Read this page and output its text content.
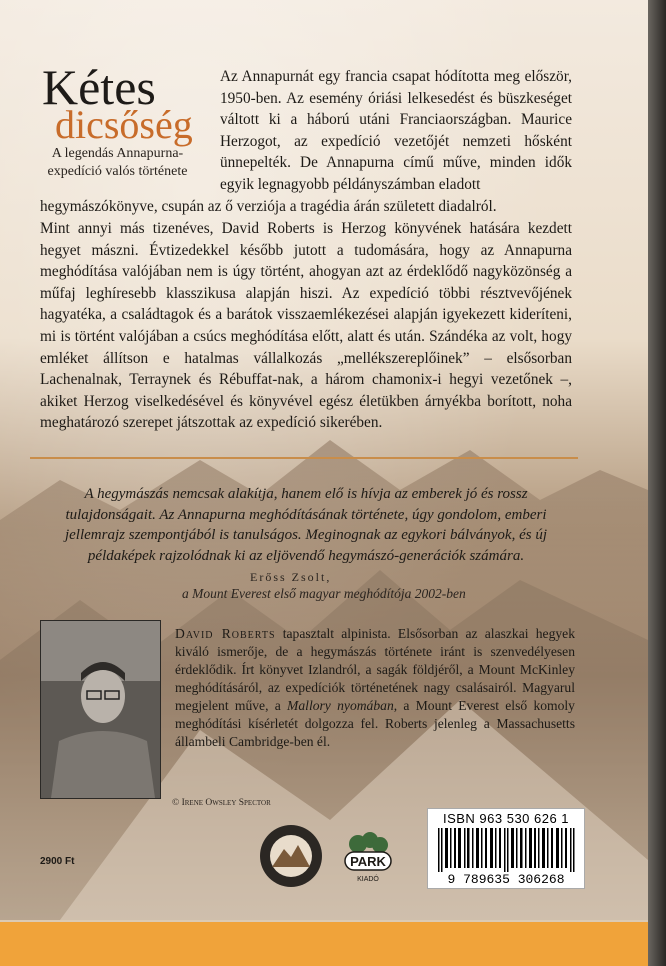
Kétes
dicsőség
A legendás Annapurna-expedíció valós története

Az Annapurnát egy francia csapat hódította meg először, 1950-ben. Az esemény óriási lelkesedést és büszkeséget váltott ki a háború utáni Franciaországban. Maurice Herzogot, az expedíció vezetőjét nemzeti hősként ünnepelték. De Annapurna című műve, minden idők egyik legnagyobb példányszámban eladott

hegymászókönyve, csupán az ő verziója a tragédia árán született diadalról.

Mint annyi más tizenéves, David Roberts is Herzog könyvének hatására kezdett hegyet mászni. Évtizedekkel később jutott a tudomására, hogy az Annapurna meghódítása valójában nem is úgy történt, ahogyan azt az érdeklődő nagyközönség a műfaj leghíresebb klasszikusa alapján hiszi. Az expedíció többi résztvevőjének hagyatéka, a családtagok és a barátok visszaemlékezései alapján igyekezett kideríteni, mi is történt valójában a csúcs meghódítása előtt, alatt és után. Szándéka az volt, hogy emléket állítson e hatalmas vállalkozás „mellékszereplőinek” – elsősorban Lachenalnak, Terraynek és Rébuffat-nak, a három chamonix-i hegyi vezetőnek –, akiket Herzog viselkedésével és könyvével egész életükben árnyékba borított, noha meghatározó szerepet játszottak az expedíció sikerében.

A hegymászás nemcsak alakítja, hanem elő is hívja az emberek jó és rossz tulajdonságait. Az Annapurna meghódításának története, úgy gondolom, emberi jellemrajz szempontjából is tanulságos. Meginognak az egykori bálványok, és új példaképek rajzolódnak ki az eljövendő hegymászó-generációk számára.
Erőss Zsolt,
a Mount Everest első magyar meghódítója 2002-ben
© Irene Owsley Spector
David Roberts tapasztalt alpinista. Elsősorban az alaszkai hegyek kiváló ismerője, de a hegymászás története iránt is szenvedélyesen érdeklődik. Írt könyvet Izlandról, a sagák földjéről, a Mount McKinley meghódításáról, az expedíciók történetének nagy csalásairól. Magyarul megjelent műve, a Mallory nyomában, a Mount Everest első komoly meghódítási kísérletét dolgozza fel. Roberts jelenleg a Massachusetts állambeli Cambridge-ben él.
2900 Ft	PARK
KIADÓ
ISBN 963 530 626 1
9 789635 306268
